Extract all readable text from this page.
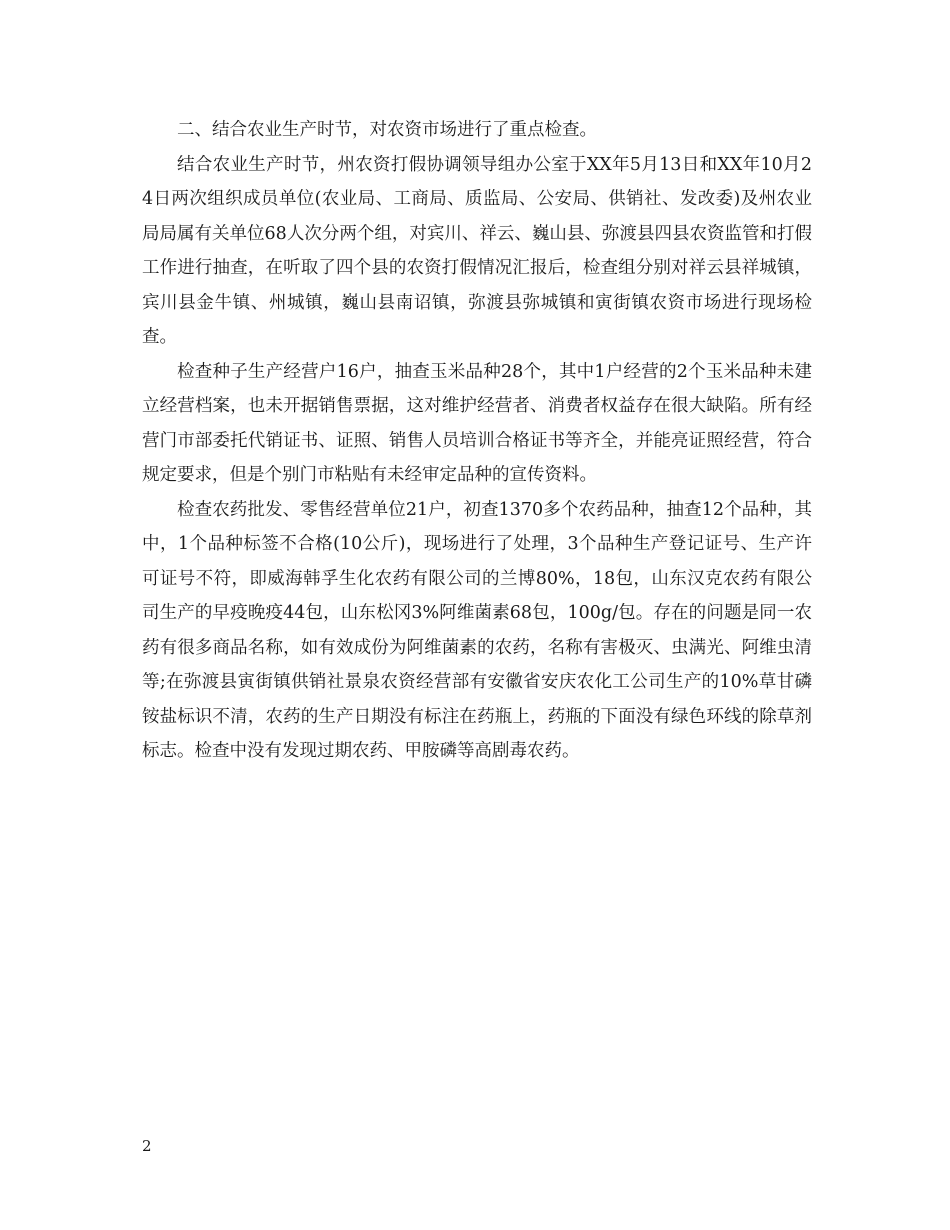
二、结合农业生产时节，对农资市场进行了重点检查。

结合农业生产时节，州农资打假协调领导组办公室于XX年5月13日和XX年10月24日两次组织成员单位(农业局、工商局、质监局、公安局、供销社、发改委)及州农业局局属有关单位68人次分两个组，对宾川、祥云、巍山县、弥渡县四县农资监管和打假工作进行抽查，在听取了四个县的农资打假情况汇报后，检查组分别对祥云县祥城镇，宾川县金牛镇、州城镇，巍山县南诏镇，弥渡县弥城镇和寅街镇农资市场进行现场检查。

检查种子生产经营户16户，抽查玉米品种28个，其中1户经营的2个玉米品种未建立经营档案，也未开据销售票据，这对维护经营者、消费者权益存在很大缺陷。所有经营门市部委托代销证书、证照、销售人员培训合格证书等齐全，并能亮证照经营，符合规定要求，但是个别门市粘贴有未经审定品种的宣传资料。

检查农药批发、零售经营单位21户，初查1370多个农药品种，抽查12个品种，其中，1个品种标签不合格(10公斤)，现场进行了处理，3个品种生产登记证号、生产许可证号不符，即威海韩孚生化农药有限公司的兰博80%，18包，山东汉克农药有限公司生产的早疫晚疫44包，山东松冈3%阿维菌素68包，100g/包。存在的问题是同一农药有很多商品名称，如有效成份为阿维菌素的农药，名称有害极灭、虫满光、阿维虫清等;在弥渡县寅街镇供销社景泉农资经营部有安徽省安庆农化工公司生产的10%草甘磷铵盐标识不清，农药的生产日期没有标注在药瓶上，药瓶的下面没有绿色环线的除草剂标志。检查中没有发现过期农药、甲胺磷等高剧毒农药。

2
